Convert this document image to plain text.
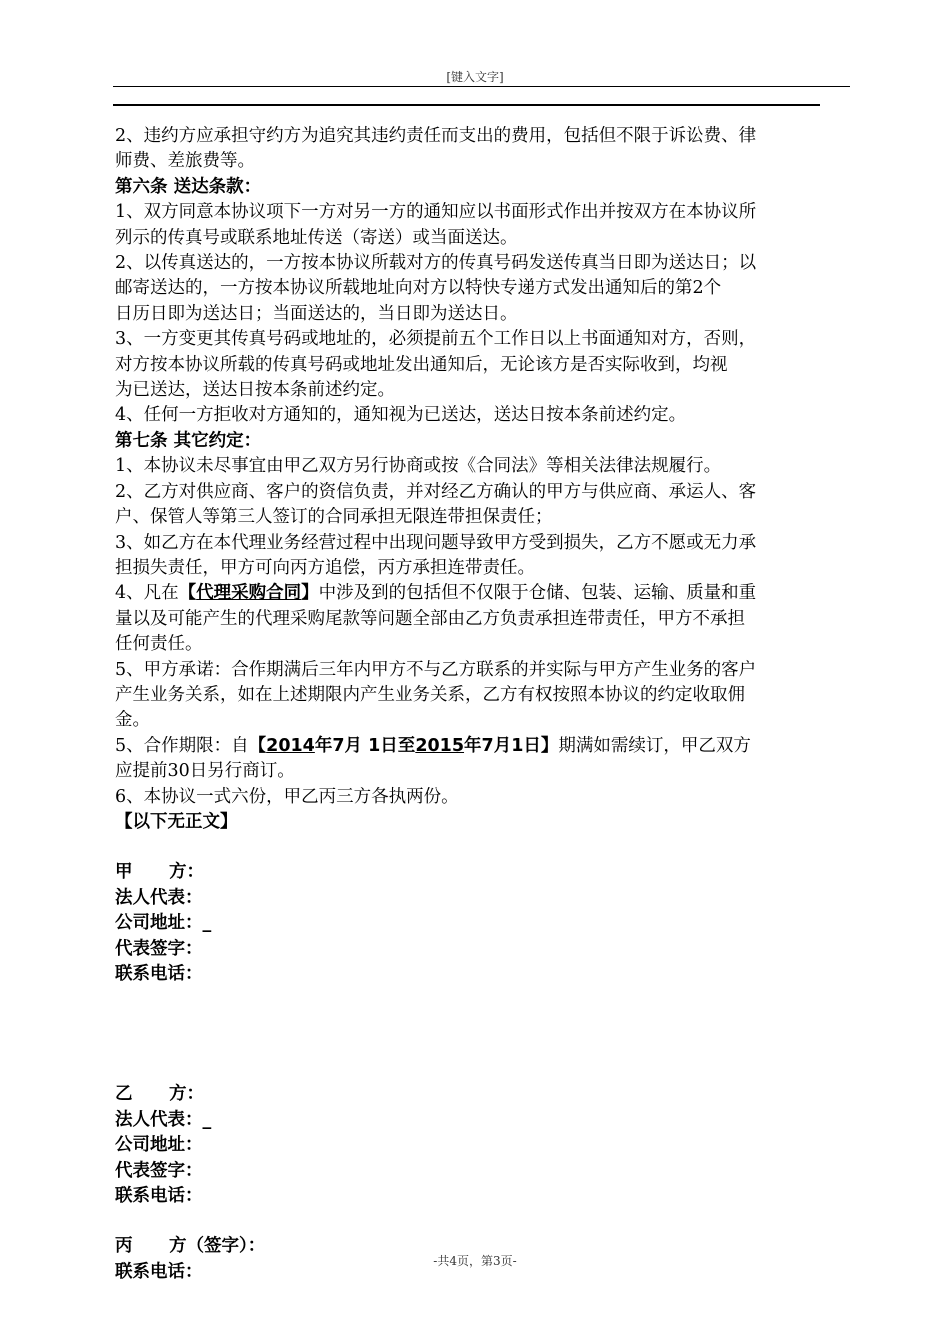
[键入文字]

2、违约方应承担守约方为追究其违约责任而支出的费用，包括但不限于诉讼费、律

师费、差旅费等。

第六条 送达条款：

1、双方同意本协议项下一方对另一方的通知应以书面形式作出并按双方在本协议所

列示的传真号或联系地址传送（寄送）或当面送达。

2、以传真送达的，一方按本协议所载对方的传真号码发送传真当日即为送达日；以

邮寄送达的，一方按本协议所载地址向对方以特快专递方式发出通知后的第2个

日历日即为送达日；当面送达的，当日即为送达日。

3、一方变更其传真号码或地址的，必须提前五个工作日以上书面通知对方，否则，

对方按本协议所载的传真号码或地址发出通知后，无论该方是否实际收到，均视

为已送达，送达日按本条前述约定。

4、任何一方拒收对方通知的，通知视为已送达，送达日按本条前述约定。

第七条 其它约定：

1、本协议未尽事宜由甲乙双方另行协商或按《合同法》等相关法律法规履行。

2、乙方对供应商、客户的资信负责，并对经乙方确认的甲方与供应商、承运人、客

户、保管人等第三人签订的合同承担无限连带担保责任；

3、如乙方在本代理业务经营过程中出现问题导致甲方受到损失，乙方不愿或无力承

担损失责任，甲方可向丙方追偿，丙方承担连带责任。

4、凡在【代理采购合同】中涉及到的包括但不仅限于仓储、包装、运输、质量和重

量以及可能产生的代理采购尾款等问题全部由乙方负责承担连带责任，甲方不承担

任何责任。

5、甲方承诺：合作期满后三年内甲方不与乙方联系的并实际与甲方产生业务的客户

产生业务关系，如在上述期限内产生业务关系，乙方有权按照本协议的约定收取佣

金。

5、合作期限：自【2014年7月 1日至2015年7月1日】期满如需续订，甲乙双方

应提前30日另行商订。

6、本协议一式六份，甲乙丙三方各执两份。

【以下无正文】

甲      方：

法人代表：

公司地址：_

代表签字：

联系电话：

乙      方：

法人代表：_

公司地址：

代表签字：

联系电话：

丙      方（签字）：

联系电话：

-共4页，第3页-
